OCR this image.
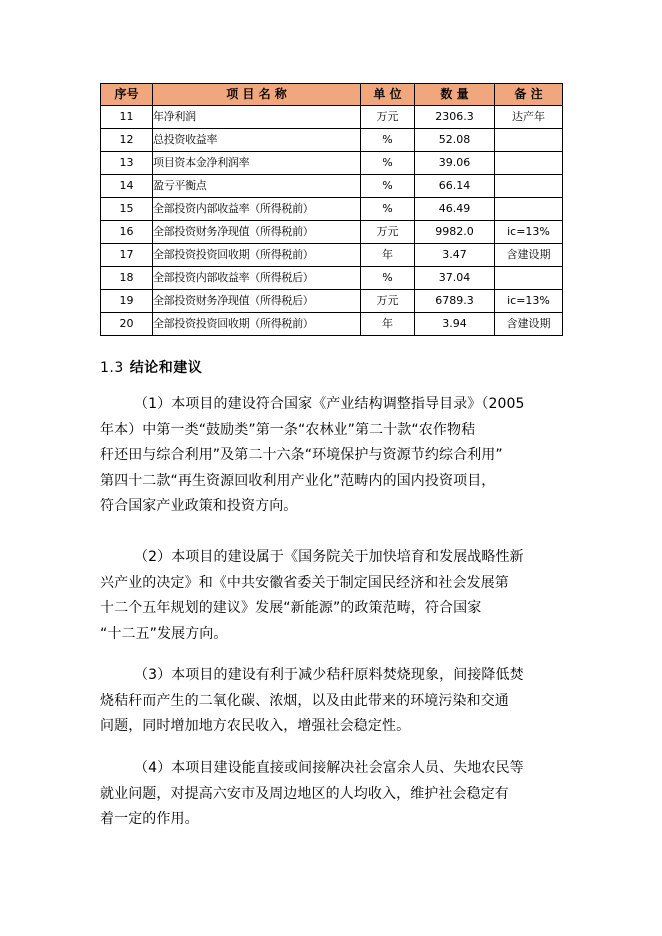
序号	项 目 名 称	单 位	数 量	备 注
11	年净利润	万元	2306.3	达产年
12	总投资收益率	%	52.08	
13	项目资本金净利润率	%	39.06	
14	盈亏平衡点	%	66.14	
15	全部投资内部收益率（所得税前）	%	46.49	
16	全部投资财务净现值（所得税前）	万元	9982.0	ic=13%
17	全部投资投资回收期（所得税前）	年	3.47	含建设期
18	全部投资内部收益率（所得税后）	%	37.04	
19	全部投资财务净现值（所得税后）	万元	6789.3	ic=13%
20	全部投资投资回收期（所得税前）	年	3.94	含建设期
1.3 结论和建议
（1）本项目的建设符合国家《产业结构调整指导目录》（2005
年本）中第一类“鼓励类”第一条“农林业”第二十款“农作物秸
秆还田与综合利用”及第二十六条“环境保护与资源节约综合利用”
第四十二款“再生资源回收利用产业化”范畴内的国内投资项目，
符合国家产业政策和投资方向。
（2）本项目的建设属于《国务院关于加快培育和发展战略性新
兴产业的决定》和《中共安徽省委关于制定国民经济和社会发展第
十二个五年规划的建议》发展“新能源”的政策范畴，符合国家
“十二五”发展方向。
（3）本项目的建设有利于减少秸秆原料焚烧现象，间接降低焚
烧秸秆而产生的二氧化碳、浓烟，以及由此带来的环境污染和交通
问题，同时增加地方农民收入，增强社会稳定性。
（4）本项目建设能直接或间接解决社会富余人员、失地农民等
就业问题，对提高六安市及周边地区的人均收入，维护社会稳定有
着一定的作用。
